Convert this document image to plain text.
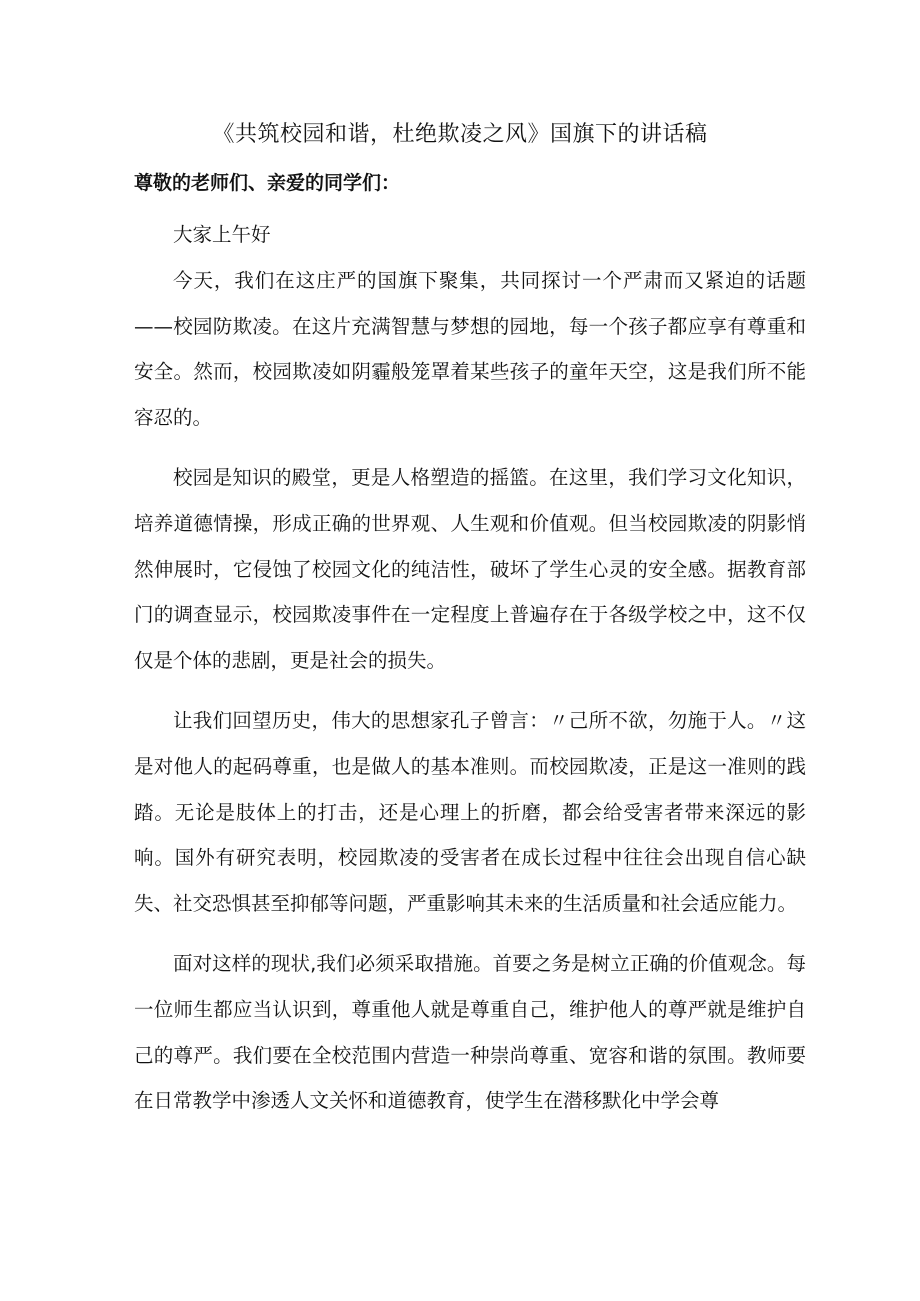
《共筑校园和谐，杜绝欺凌之风》国旗下的讲话稿
尊敬的老师们、亲爱的同学们：

大家上午好

今天，我们在这庄严的国旗下聚集，共同探讨一个严肃而又紧迫的话题——校园防欺凌。在这片充满智慧与梦想的园地，每一个孩子都应享有尊重和安全。然而，校园欺凌如阴霾般笼罩着某些孩子的童年天空，这是我们所不能容忍的。

校园是知识的殿堂，更是人格塑造的摇篮。在这里，我们学习文化知识，培养道德情操，形成正确的世界观、人生观和价值观。但当校园欺凌的阴影悄然伸展时，它侵蚀了校园文化的纯洁性，破坏了学生心灵的安全感。据教育部门的调查显示，校园欺凌事件在一定程度上普遍存在于各级学校之中，这不仅仅是个体的悲剧，更是社会的损失。

让我们回望历史，伟大的思想家孔子曾言：〃己所不欲，勿施于人。〃这是对他人的起码尊重，也是做人的基本准则。而校园欺凌，正是这一准则的践踏。无论是肢体上的打击，还是心理上的折磨，都会给受害者带来深远的影响。国外有研究表明，校园欺凌的受害者在成长过程中往往会出现自信心缺失、社交恐惧甚至抑郁等问题，严重影响其未来的生活质量和社会适应能力。

面对这样的现状,我们必须采取措施。首要之务是树立正确的价值观念。每一位师生都应当认识到，尊重他人就是尊重自己，维护他人的尊严就是维护自己的尊严。我们要在全校范围内营造一种崇尚尊重、宽容和谐的氛围。教师要在日常教学中渗透人文关怀和道德教育，使学生在潜移默化中学会尊
